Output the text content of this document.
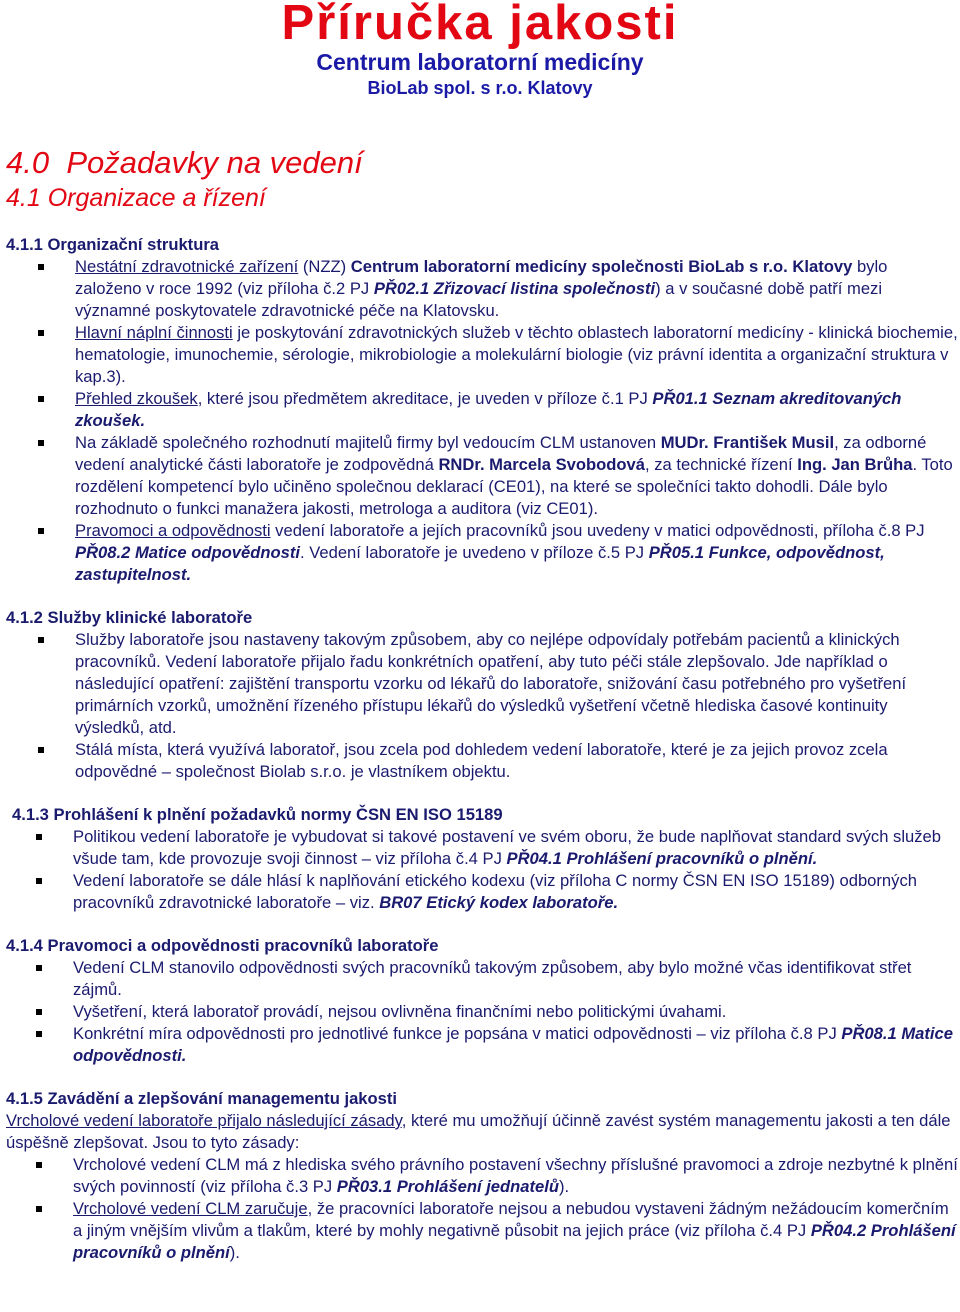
Příručka jakosti
Centrum laboratorní medicíny
BioLab spol. s r.o. Klatovy
4.0  Požadavky na vedení
4.1 Organizace a řízení

4.1.1 Organizační struktura

Nestátní zdravotnické zařízení (NZZ) Centrum laboratorní medicíny společnosti BioLab s r.o. Klatovy bylo založeno v roce 1992 (viz příloha č.2 PJ PŘ02.1 Zřizovací listina společnosti) a v současné době patří mezi významné poskytovatele zdravotnické péče na Klatovsku.

Hlavní náplní činnosti je poskytování zdravotnických služeb v těchto oblastech laboratorní medicíny - klinická biochemie, hematologie, imunochemie, sérologie, mikrobiologie a molekulární biologie (viz právní identita a organizační struktura v kap.3).

Přehled zkoušek, které jsou předmětem akreditace, je uveden v příloze č.1 PJ PŘ01.1 Seznam akreditovaných zkoušek.

Na základě společného rozhodnutí majitelů firmy byl vedoucím CLM ustanoven MUDr. František Musil, za odborné vedení analytické části laboratoře je zodpovědná RNDr. Marcela Svobodová, za technické řízení Ing. Jan Brůha. Toto rozdělení kompetencí bylo učiněno společnou deklarací (CE01), na které se společníci takto dohodli. Dále bylo rozhodnuto o funkci manažera jakosti, metrologa a auditora (viz CE01).

Pravomoci a odpovědnosti vedení laboratoře a jejích pracovníků jsou uvedeny v matici odpovědnosti, příloha č.8 PJ PŘ08.2 Matice odpovědnosti. Vedení laboratoře je uvedeno v příloze č.5 PJ PŘ05.1 Funkce, odpovědnost, zastupitelnost.

4.1.2 Služby klinické laboratoře

Služby laboratoře jsou nastaveny takovým způsobem, aby co nejlépe odpovídaly potřebám pacientů a klinických pracovníků. Vedení laboratoře přijalo řadu konkrétních opatření, aby tuto péči stále zlepšovalo. Jde například o následující opatření: zajištění transportu vzorku od lékařů do laboratoře, snižování času potřebného pro vyšetření primárních vzorků, umožnění řízeného přístupu lékařů do výsledků vyšetření včetně hlediska časové kontinuity výsledků, atd.

Stálá místa, která využívá laboratoř, jsou zcela pod dohledem vedení laboratoře, které je za jejich provoz zcela odpovědné – společnost Biolab s.r.o. je vlastníkem objektu.

4.1.3 Prohlášení k plnění požadavků normy ČSN EN ISO 15189

Politikou vedení laboratoře je vybudovat si takové postavení ve svém oboru, že bude naplňovat standard svých služeb všude tam, kde provozuje svoji činnost – viz příloha č.4 PJ PŘ04.1 Prohlášení pracovníků o plnění.

Vedení laboratoře se dále hlásí k naplňování etického kodexu (viz příloha C normy ČSN EN ISO 15189) odborných pracovníků zdravotnické laboratoře – viz. BR07 Etický kodex laboratoře.

4.1.4 Pravomoci a odpovědnosti pracovníků laboratoře

Vedení CLM stanovilo odpovědnosti svých pracovníků takovým způsobem, aby bylo možné včas identifikovat střet zájmů.

Vyšetření, která laboratoř provádí, nejsou ovlivněna finančními nebo politickými úvahami.

Konkrétní míra odpovědnosti pro jednotlivé funkce je popsána v matici odpovědnosti – viz příloha č.8 PJ PŘ08.1 Matice odpovědnosti.

4.1.5 Zavádění a zlepšování managementu jakosti

Vrcholové vedení laboratoře přijalo následující zásady, které mu umožňují účinně zavést systém managementu jakosti a ten dále úspěšně zlepšovat. Jsou to tyto zásady:

Vrcholové vedení CLM má z hlediska svého právního postavení všechny příslušné pravomoci a zdroje nezbytné k plnění svých povinností (viz příloha č.3 PJ PŘ03.1 Prohlášení jednatelů).

Vrcholové vedení CLM zaručuje, že pracovníci laboratoře nejsou a nebudou vystaveni žádným nežádoucím komerčním a jiným vnějším vlivům a tlakům, které by mohly negativně působit na jejich práce (viz příloha č.4 PJ PŘ04.2 Prohlášení pracovníků o plnění).
